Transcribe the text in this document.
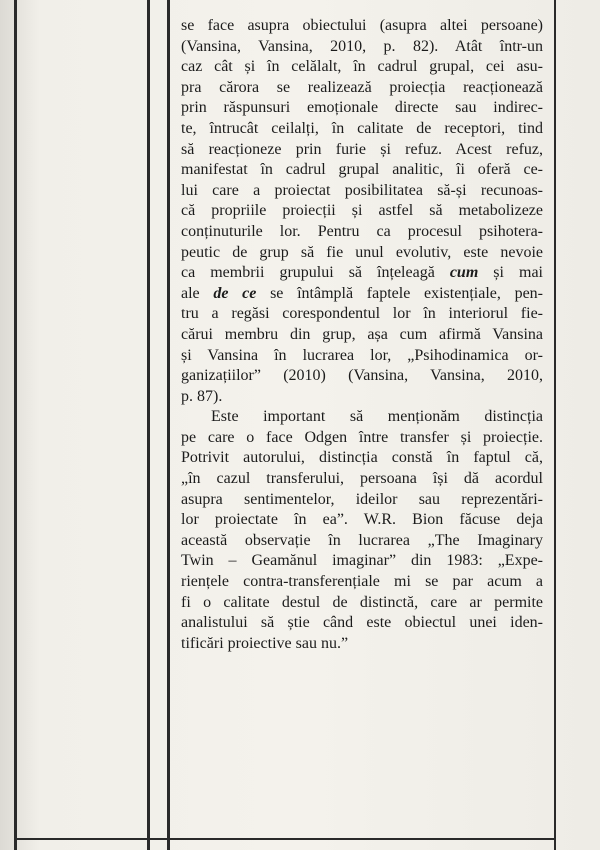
se face asupra obiectului (asupra altei persoane)
(Vansina, Vansina, 2010, p. 82). Atât într-un
caz cât și în celălalt, în cadrul grupal, cei asu-
pra cărora se realizează proiecția reacționează
prin răspunsuri emoționale directe sau indirec-
te, întrucât ceilalți, în calitate de receptori, tind
să reacționeze prin furie și refuz. Acest refuz,
manifestat în cadrul grupal analitic, îi oferă ce-
lui care a proiectat posibilitatea să-și recunoas-
că propriile proiecții și astfel să metabolizeze
conținuturile lor. Pentru ca procesul psihotera-
peutic de grup să fie unul evolutiv, este nevoie
ca membrii grupului să înțeleagă cum și mai
ale de ce se întâmplă faptele existențiale, pen-
tru a regăsi corespondentul lor în interiorul fie-
cărui membru din grup, așa cum afirmă Vansina
și Vansina în lucrarea lor, „Psihodinamica or-
ganizațiilor” (2010) (Vansina, Vansina, 2010,
p. 87).
Este important să menționăm distincția
pe care o face Odgen între transfer și proiecție.
Potrivit autorului, distincția constă în faptul că,
„în cazul transferului, persoana își dă acordul
asupra sentimentelor, ideilor sau reprezentări-
lor proiectate în ea”. W.R. Bion făcuse deja
această observație în lucrarea „The Imaginary
Twin – Geamănul imaginar” din 1983: „Expe-
riențele contra-transferențiale mi se par acum a
fi o calitate destul de distinctă, care ar permite
analistului să știe când este obiectul unei iden-
tificări proiective sau nu.”
